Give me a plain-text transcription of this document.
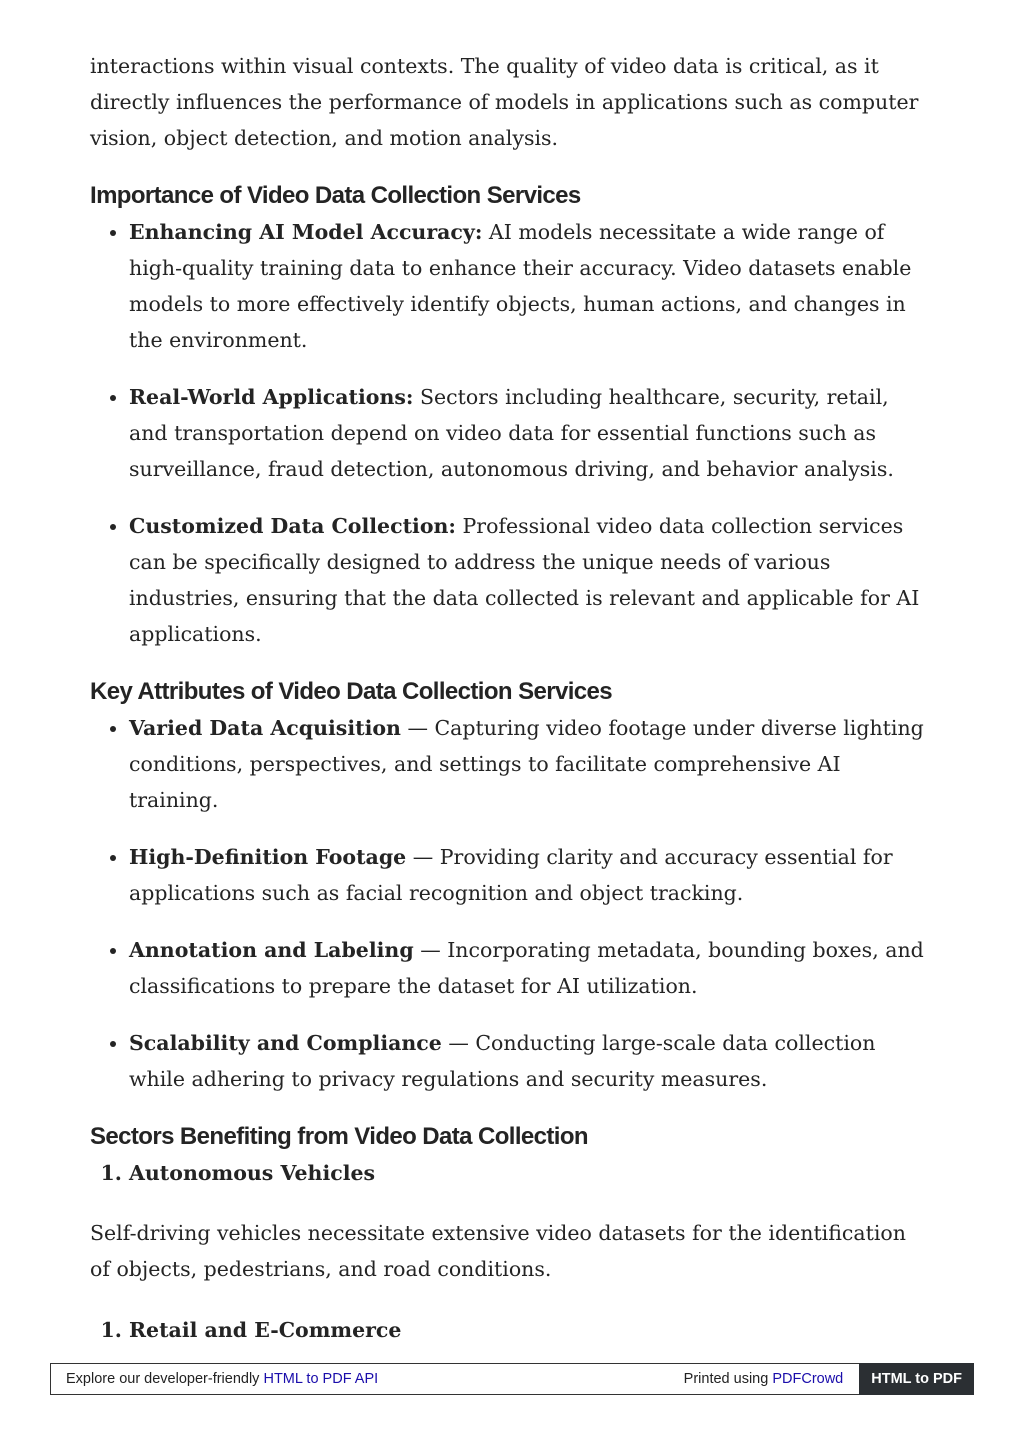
interactions within visual contexts. The quality of video data is critical, as it directly influences the performance of models in applications such as computer vision, object detection, and motion analysis.

Importance of Video Data Collection Services
• Enhancing AI Model Accuracy: AI models necessitate a wide range of high-quality training data to enhance their accuracy. Video datasets enable models to more effectively identify objects, human actions, and changes in the environment.
• Real-World Applications: Sectors including healthcare, security, retail, and transportation depend on video data for essential functions such as surveillance, fraud detection, autonomous driving, and behavior analysis.
• Customized Data Collection: Professional video data collection services can be specifically designed to address the unique needs of various industries, ensuring that the data collected is relevant and applicable for AI applications.
Key Attributes of Video Data Collection Services
• Varied Data Acquisition — Capturing video footage under diverse lighting conditions, perspectives, and settings to facilitate comprehensive AI training.
• High-Definition Footage — Providing clarity and accuracy essential for applications such as facial recognition and object tracking.
• Annotation and Labeling — Incorporating metadata, bounding boxes, and classifications to prepare the dataset for AI utilization.
• Scalability and Compliance — Conducting large-scale data collection while adhering to privacy regulations and security measures.
Sectors Benefiting from Video Data Collection
1. Autonomous Vehicles

Self-driving vehicles necessitate extensive video datasets for the identification of objects, pedestrians, and road conditions.

1. Retail and E-Commerce
Explore our developer-friendly HTML to PDF API	Printed using PDFCrowd	HTML to PDF
